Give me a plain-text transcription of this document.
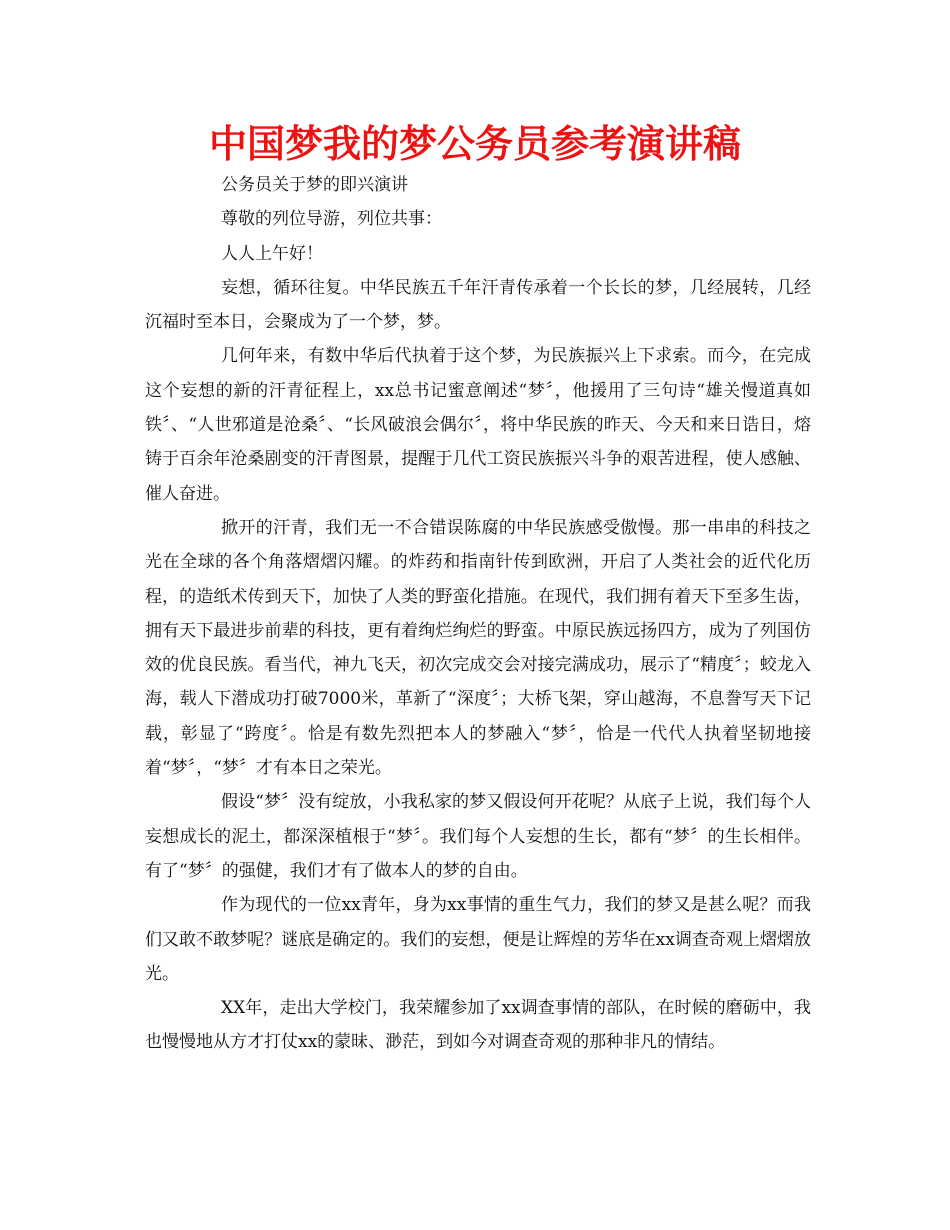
中国梦我的梦公务员参考演讲稿

公务员关于梦的即兴演讲

尊敬的列位导游，列位共事：

人人上午好！

妄想，循环往复。中华民族五千年汗青传承着一个长长的梦，几经展转，几经沉福时至本日，会聚成为了一个梦，梦。

几何年来，有数中华后代执着于这个梦，为民族振兴上下求索。而今，在完成这个妄想的新的汗青征程上，xx总书记蜜意阐述“梦〞，他援用了三句诗“雄关慢道真如铁〞、“人世邪道是沧桑〞、“长风破浪会偶尔〞，将中华民族的昨天、今天和来日诰日，熔铸于百余年沧桑剧变的汗青图景，提醒于几代工资民族振兴斗争的艰苦进程，使人感触、催人奋进。

掀开的汗青，我们无一不合错误陈腐的中华民族感受傲慢。那一串串的科技之光在全球的各个角落熠熠闪耀。的炸药和指南针传到欧洲，开启了人类社会的近代化历程，的造纸术传到天下，加快了人类的野蛮化措施。在现代，我们拥有着天下至多生齿，拥有天下最进步前辈的科技，更有着绚烂绚烂的野蛮。中原民族远扬四方，成为了列国仿效的优良民族。看当代，神九飞天，初次完成交会对接完满成功，展示了“精度〞；蛟龙入海，载人下潜成功打破7000米，革新了“深度〞；大桥飞架，穿山越海，不息誊写天下记载，彰显了“跨度〞。恰是有数先烈把本人的梦融入“梦〞，恰是一代代人执着坚韧地接着“梦〞，“梦〞才有本日之荣光。

假设“梦〞没有绽放，小我私家的梦又假设何开花呢？从底子上说，我们每个人妄想成长的泥土，都深深植根于“梦〞。我们每个人妄想的生长，都有“梦〞的生长相伴。有了“梦〞的强健，我们才有了做本人的梦的自由。

作为现代的一位xx青年，身为xx事情的重生气力，我们的梦又是甚么呢？而我们又敢不敢梦呢？谜底是确定的。我们的妄想，便是让辉煌的芳华在xx调查奇观上熠熠放光。

XX年，走出大学校门，我荣耀参加了xx调查事情的部队，在时候的磨砺中，我也慢慢地从方才打仗xx的蒙昧、渺茫，到如今对调查奇观的那种非凡的情结。
